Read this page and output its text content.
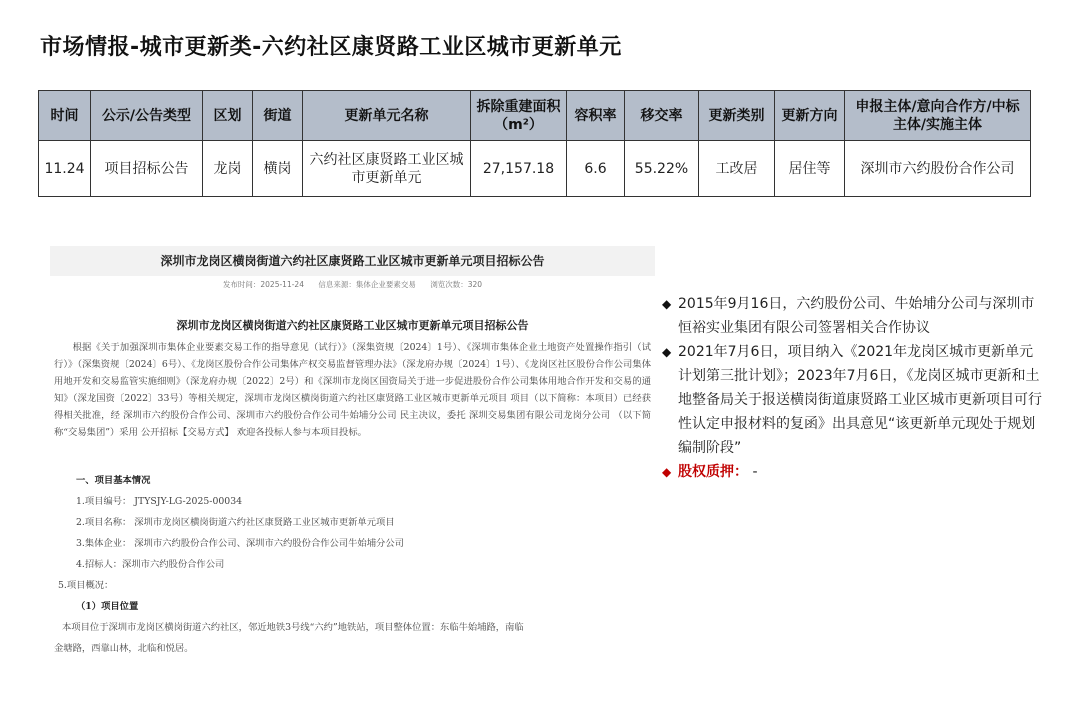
市场情报-城市更新类-六约社区康贤路工业区城市更新单元
时间	公示/公告类型	区划	街道	更新单元名称	拆除重建面积（m²）	容积率	移交率	更新类别	更新方向	申报主体/意向合作方/中标主体/实施主体
11.24	项目招标公告	龙岗	横岗	六约社区康贤路工业区城市更新单元	27,157.18	6.6	55.22%	工改居	居住等	深圳市六约股份合作公司
深圳市龙岗区横岗街道六约社区康贤路工业区城市更新单元项目招标公告
发布时间：2025-11-24 信息来源：集体企业要素交易 浏览次数：320
深圳市龙岗区横岗街道六约社区康贤路工业区城市更新单元项目招标公告

根据《关于加强深圳市集体企业要素交易工作的指导意见（试行）》（深集资规〔2024〕1号）、《深圳市集体企业土地资产处置操作指引（试行）》（深集资规〔2024〕6号）、《龙岗区股份合作公司集体产权交易监督管理办法》（深龙府办规〔2024〕1号）、《龙岗区社区股份合作公司集体用地开发和交易监管实施细则》（深龙府办规〔2022〕2号）和《深圳市龙岗区国资局关于进一步促进股份合作公司集体用地合作开发和交易的通知》（深龙国资〔2022〕33号）等相关规定，深圳市龙岗区横岗街道六约社区康贤路工业区城市更新单元项目 项目（以下简称：本项目）已经获得相关批准，经 深圳市六约股份合作公司、深圳市六约股份合作公司牛始埔分公司 民主决议，委托 深圳交易集团有限公司龙岗分公司 （以下简称“交易集团”）采用 公开招标【交易方式】 欢迎各投标人参与本项目投标。

一、项目基本情况
1.项目编号： JTYSJY-LG-2025-00034
2.项目名称： 深圳市龙岗区横岗街道六约社区康贤路工业区城市更新单元项目
3.集体企业： 深圳市六约股份合作公司、深圳市六约股份合作公司牛始埔分公司
4.招标人：深圳市六约股份合作公司
5.项目概况：
（1）项目位置
本项目位于深圳市龙岗区横岗街道六约社区，邻近地铁3号线“六约”地铁站，项目整体位置：东临牛始埔路，南临
金塘路，西靠山林，北临和悦居。
◆ 2015年9月16日，六约股份公司、牛始埔分公司与深圳市恒裕实业集团有限公司签署相关合作协议
◆ 2021年7月6日，项目纳入《2021年龙岗区城市更新单元计划第三批计划》；2023年7月6日，《龙岗区城市更新和土地整备局关于报送横岗街道康贤路工业区城市更新项目可行性认定申报材料的复函》出具意见“该更新单元现处于规划编制阶段”
◆ 股权质押： -
